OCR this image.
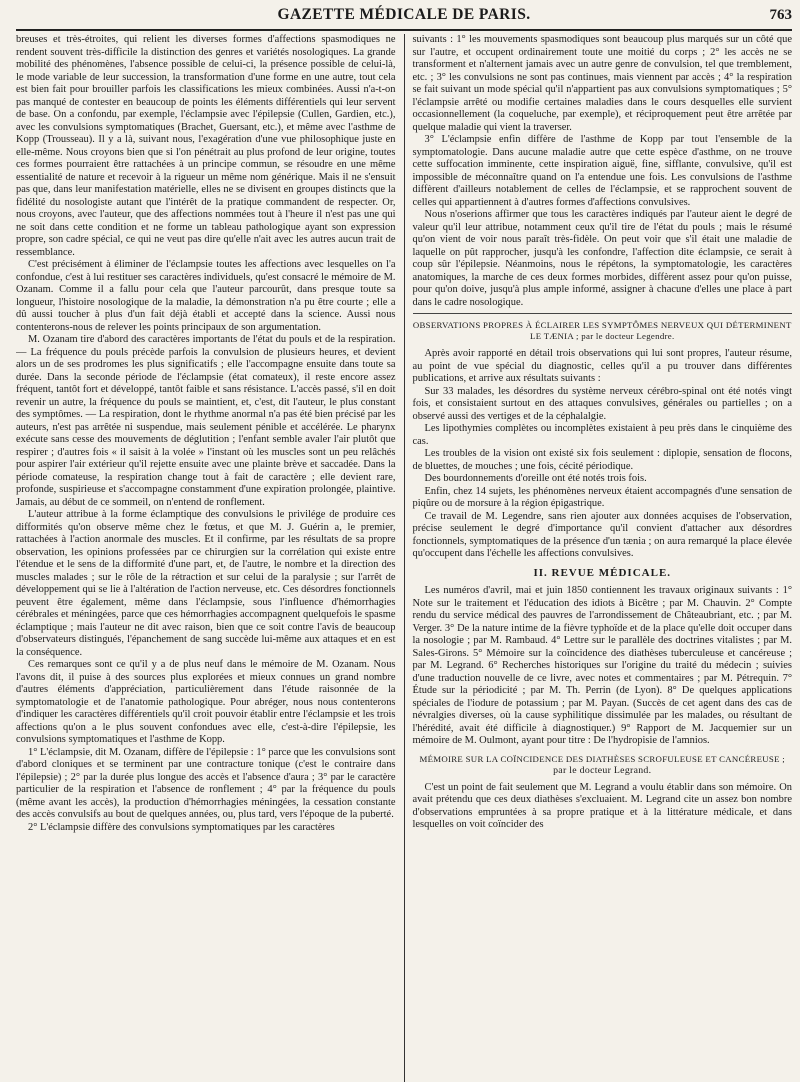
GAZETTE MÉDICALE DE PARIS.	763

breuses et très-étroites, qui relient les diverses formes d'affections spasmodiques ne rendent souvent très-difficile la distinction des genres et variétés nosologiques. La grande mobilité des phénomènes, l'absence possible de celui-ci, la présence possible de celui-là, le mode variable de leur succession, la transformation d'une forme en une autre, tout cela est bien fait pour brouiller parfois les classifications les mieux combinées. Aussi n'a-t-on pas manqué de contester en beaucoup de points les éléments différentiels qui leur servent de base. On a confondu, par exemple, l'éclampsie avec l'épilepsie (Cullen, Gardien, etc.), avec les convulsions symptomatiques (Brachet, Guersant, etc.), et même avec l'asthme de Kopp (Trousseau). Il y a là, suivant nous, l'exagération d'une vue philosophique juste en elle-même. Nous croyons bien que si l'on pénétrait au plus profond de leur origine, toutes ces formes pourraient être rattachées à un principe commun, se résoudre en une même essentialité de nature et recevoir à la rigueur un même nom générique. Mais il ne s'ensuit pas que, dans leur manifestation matérielle, elles ne se divisent en groupes distincts que la fidélité du nosologiste autant que l'intérêt de la pratique commandent de respecter. Or, nous croyons, avec l'auteur, que des affections nommées tout à l'heure il n'est pas une qui ne soit dans cette condition et ne forme un tableau pathologique ayant son expression propre, son cadre spécial, ce qui ne veut pas dire qu'elle n'ait avec les autres aucun trait de ressemblance.

C'est précisément à éliminer de l'éclampsie toutes les affections avec lesquelles on l'a confondue, c'est à lui restituer ses caractères individuels, qu'est consacré le mémoire de M. Ozanam. Comme il a fallu pour cela que l'auteur parcourût, dans presque toute sa longueur, l'histoire nosologique de la maladie, la démonstration n'a pu être courte ; elle a dû aussi toucher à plus d'un fait déjà établi et accepté dans la science. Aussi nous contenterons-nous de relever les points principaux de son argumentation.

M. Ozanam tire d'abord des caractères importants de l'état du pouls et de la respiration. — La fréquence du pouls précède parfois la convulsion de plusieurs heures, et devient alors un de ses prodromes les plus significatifs ; elle l'accompagne ensuite dans toute sa durée. Dans la seconde période de l'éclampsie (état comateux), il reste encore assez fréquent, tantôt fort et développé, tantôt faible et sans résistance. L'accès passé, s'il en doit revenir un autre, la fréquence du pouls se maintient, et, c'est, dit l'auteur, le plus constant des symptômes. — La respiration, dont le rhythme anormal n'a pas été bien précisé par les auteurs, n'est pas arrêtée ni suspendue, mais seulement pénible et accélérée. Le pharynx exécute sans cesse des mouvements de déglutition ; l'enfant semble avaler l'air plutôt que respirer ; d'autres fois « il saisit à la volée » l'instant où les muscles sont un peu relâchés pour aspirer l'air extérieur qu'il rejette ensuite avec une plainte brève et saccadée. Dans la période comateuse, la respiration change tout à fait de caractère ; elle devient rare, profonde, suspirieuse et s'accompagne constamment d'une expiration prolongée, plaintive. Jamais, au début de ce sommeil, on n'entend de ronflement.

L'auteur attribue à la forme éclamptique des convulsions le privilége de produire ces difformités qu'on observe même chez le fœtus, et que M. J. Guérin a, le premier, rattachées à l'action anormale des muscles. Et il confirme, par les résultats de sa propre observation, les opinions professées par ce chirurgien sur la corrélation qui existe entre l'étendue et le sens de la difformité d'une part, et, de l'autre, le nombre et la direction des muscles malades ; sur le rôle de la rétraction et sur celui de la paralysie ; sur l'arrêt de développement qui se lie à l'altération de l'action nerveuse, etc. Ces désordres fonctionnels peuvent être également, même dans l'éclampsie, sous l'influence d'hémorrhagies cérébrales et méningées, parce que ces hémorrhagies accompagnent quelquefois le spasme éclamptique ; mais l'auteur ne dit avec raison, bien que ce soit contre l'avis de beaucoup d'observateurs distingués, l'épanchement de sang succède lui-même aux attaques et en est la conséquence.

Ces remarques sont ce qu'il y a de plus neuf dans le mémoire de M. Ozanam. Nous l'avons dit, il puise à des sources plus explorées et mieux connues un grand nombre d'autres éléments d'appréciation, particulièrement dans l'étude raisonnée de la symptomatologie et de l'anatomie pathologique. Pour abréger, nous nous contenterons d'indiquer les caractères différentiels qu'il croit pouvoir établir entre l'éclampsie et les trois affections qu'on a le plus souvent confondues avec elle, c'est-à-dire l'épilepsie, les convulsions symptomatiques et l'asthme de Kopp.

1° L'éclampsie, dit M. Ozanam, diffère de l'épilepsie : 1° parce que les convulsions sont d'abord cloniques et se terminent par une contracture tonique (c'est le contraire dans l'épilepsie) ; 2° par la durée plus longue des accès et l'absence d'aura ; 3° par le caractère particulier de la respiration et l'absence de ronflement ; 4° par la fréquence du pouls (même avant les accès), la production d'hémorrhagies méningées, la cessation constante des accès convulsifs au bout de quelques années, ou, plus tard, vers l'époque de la puberté.

2° L'éclampsie diffère des convulsions symptomatiques par les caractères

suivants : 1° les mouvements spasmodiques sont beaucoup plus marqués sur un côté que sur l'autre, et occupent ordinairement toute une moitié du corps ; 2° les accès ne se transforment et n'alternent jamais avec un autre genre de convulsion, tel que tremblement, etc. ; 3° les convulsions ne sont pas continues, mais viennent par accès ; 4° la respiration se fait suivant un mode spécial qu'il n'appartient pas aux convulsions symptomatiques ; 5° l'éclampsie arrêté ou modifie certaines maladies dans le cours desquelles elle survient occasionnellement (la coqueluche, par exemple), et réciproquement peut être arrêtée par quelque maladie qui vient la traverser.

3° L'éclampsie enfin diffère de l'asthme de Kopp par tout l'ensemble de la symptomatologie. Dans aucune maladie autre que cette espèce d'asthme, on ne trouve cette suffocation imminente, cette inspiration aiguë, fine, sifflante, convulsive, qu'il est impossible de méconnaître quand on l'a entendue une fois. Les convulsions de l'asthme diffèrent d'ailleurs notablement de celles de l'éclampsie, et se rapprochent souvent de celles qui appartiennent à d'autres formes d'affections convulsives.

Nous n'oserions affirmer que tous les caractères indiqués par l'auteur aient le degré de valeur qu'il leur attribue, notamment ceux qu'il tire de l'état du pouls ; mais le résumé qu'on vient de voir nous paraît très-fidèle. On peut voir que s'il était une maladie de laquelle on pût rapprocher, jusqu'à les confondre, l'affection dite éclampsie, ce serait à coup sûr l'épilepsie. Néanmoins, nous le répétons, la symptomatologie, les caractères anatomiques, la marche de ces deux formes morbides, diffèrent assez pour qu'on puisse, pour qu'on doive, jusqu'à plus ample informé, assigner à chacune d'elles une place à part dans le cadre nosologique.

OBSERVATIONS PROPRES À ÉCLAIRER LES SYMPTÔMES NERVEUX QUI DÉTERMINENT LE TÆNIA ; par le docteur Legendre.

Après avoir rapporté en détail trois observations qui lui sont propres, l'auteur résume, au point de vue spécial du diagnostic, celles qu'il a pu trouver dans différentes publications, et arrive aux résultats suivants :

Sur 33 malades, les désordres du système nerveux cérébro-spinal ont été notés vingt fois, et consistaient surtout en des attaques convulsives, générales ou partielles ; on a observé aussi des vertiges et de la céphalalgie.

Les lipothymies complètes ou incomplètes existaient à peu près dans le cinquième des cas.

Les troubles de la vision ont existé six fois seulement : diplopie, sensation de flocons, de bluettes, de mouches ; une fois, cécité périodique.

Des bourdonnements d'oreille ont été notés trois fois.

Enfin, chez 14 sujets, les phénomènes nerveux étaient accompagnés d'une sensation de piqûre ou de morsure à la région épigastrique.

Ce travail de M. Legendre, sans rien ajouter aux données acquises de l'observation, précise seulement le degré d'importance qu'il convient d'attacher aux désordres fonctionnels, symptomatiques de la présence d'un tænia ; on aura remarqué la place élevée qu'occupent dans l'échelle les affections convulsives.

II. REVUE MÉDICALE.

Les numéros d'avril, mai et juin 1850 contiennent les travaux originaux suivants : 1° Note sur le traitement et l'éducation des idiots à Bicêtre ; par M. Chauvin. 2° Compte rendu du service médical des pauvres de l'arrondissement de Châteaubriant, etc. ; par M. Verger. 3° De la nature intime de la fièvre typhoïde et de la place qu'elle doit occuper dans la nosologie ; par M. Rambaud. 4° Lettre sur le parallèle des doctrines vitalistes ; par M. Sales-Girons. 5° Mémoire sur la coïncidence des diathèses tuberculeuse et cancéreuse ; par M. Legrand. 6° Recherches historiques sur l'origine du traité du médecin ; suivies d'une traduction nouvelle de ce livre, avec notes et commentaires ; par M. Pétrequin. 7° Étude sur la périodicité ; par M. Th. Perrin (de Lyon). 8° De quelques applications spéciales de l'iodure de potassium ; par M. Payan. (Succès de cet agent dans des cas de névralgies diverses, où la cause syphilitique dissimulée par les malades, ou résultant de l'hérédité, avait été difficile à diagnostiquer.) 9° Rapport de M. Jacquemier sur un mémoire de M. Oulmont, ayant pour titre : De l'hydropisie de l'amnios.

MÉMOIRE SUR LA COÏNCIDENCE DES DIATHÈSES SCROFULEUSE ET CANCÉREUSE ;
par le docteur Legrand.

C'est un point de fait seulement que M. Legrand a voulu établir dans son mémoire. On avait prétendu que ces deux diathèses s'excluaient. M. Legrand cite un assez bon nombre d'observations empruntées à sa propre pratique et à la littérature médicale, et dans lesquelles on voit coïncider des
